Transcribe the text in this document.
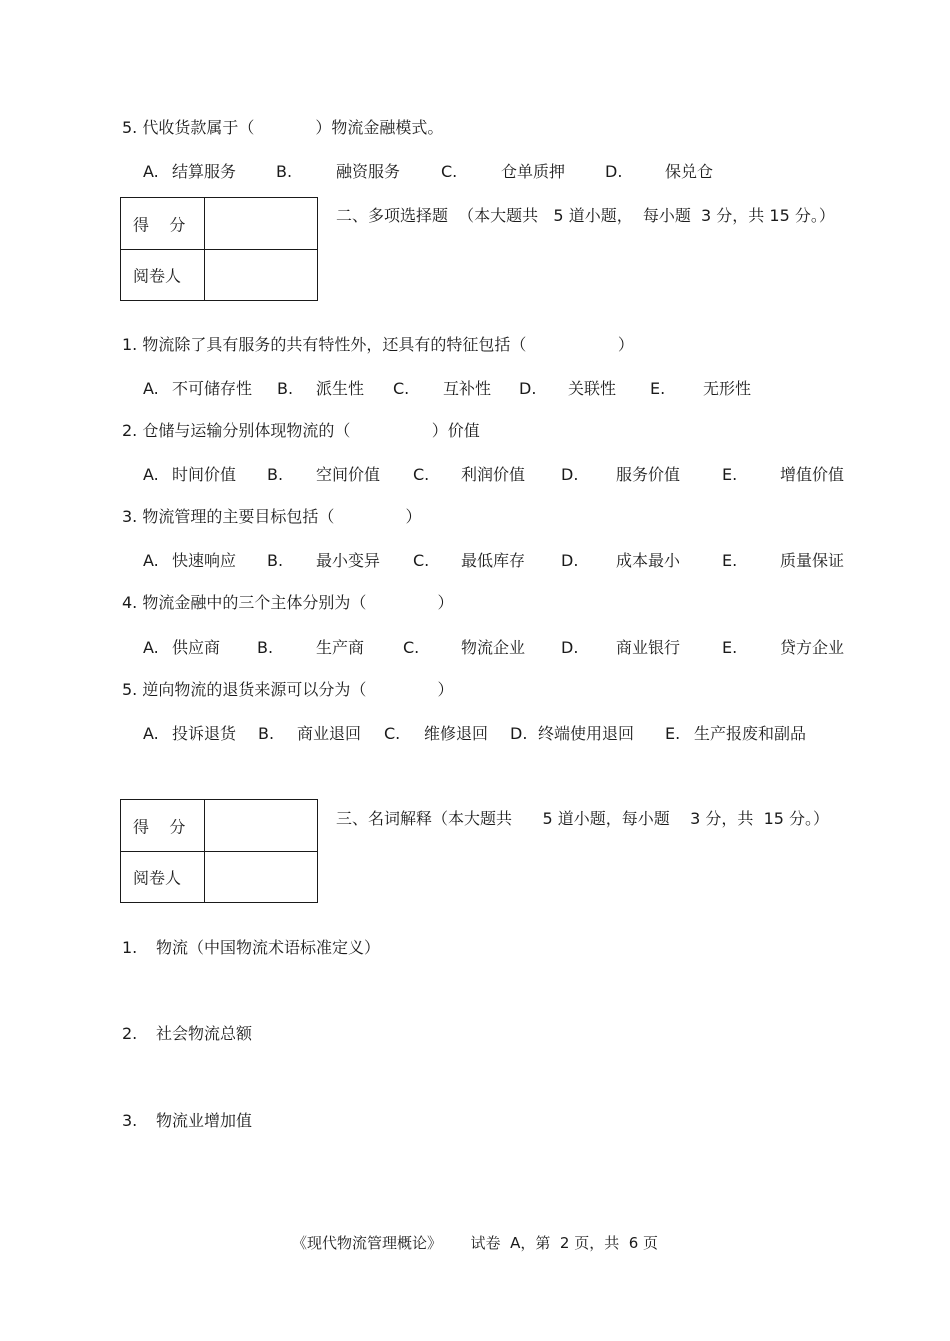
5. 代收货款属于（            ）物流金融模式。
A. 结算服务 B.	融资服务	C.	仓单质押 D.	保兑仓
得    分
阅卷人
二、多项选择题  （本大题共   5 道小题，  每小题  3 分，共 15 分。）
1. 物流除了具有服务的共有特性外，还具有的特征包括（                  ）
A. 不可储存性 B. 派生性 C. 互补性 D. 关联性 E. 无形性
2. 仓储与运输分别体现物流的（                ）价值
A. 时间价值 B. 空间价值 C. 利润价值 D. 服务价值	E.	增值价值
3. 物流管理的主要目标包括（              ）
A. 快速响应 B. 最小变异 C. 最低库存 D. 成本最小	E.	质量保证
4. 物流金融中的三个主体分别为（              ）
A. 供应商 B.	生产商 C.	物流企业 D. 商业银行	E.	贷方企业
5. 逆向物流的退货来源可以分为（              ）
A. 投诉退货 B. 商业退回 C. 维修退回 D. 终端使用退回 E. 生产报废和副品
得    分
阅卷人
三、名词解释（本大题共      5 道小题，每小题    3 分，共  15 分。）
1. 物流（中国物流术语标准定义）
2. 社会物流总额
3. 物流业增加值
《现代物流管理概论》      试卷  A，第  2 页，共  6 页
